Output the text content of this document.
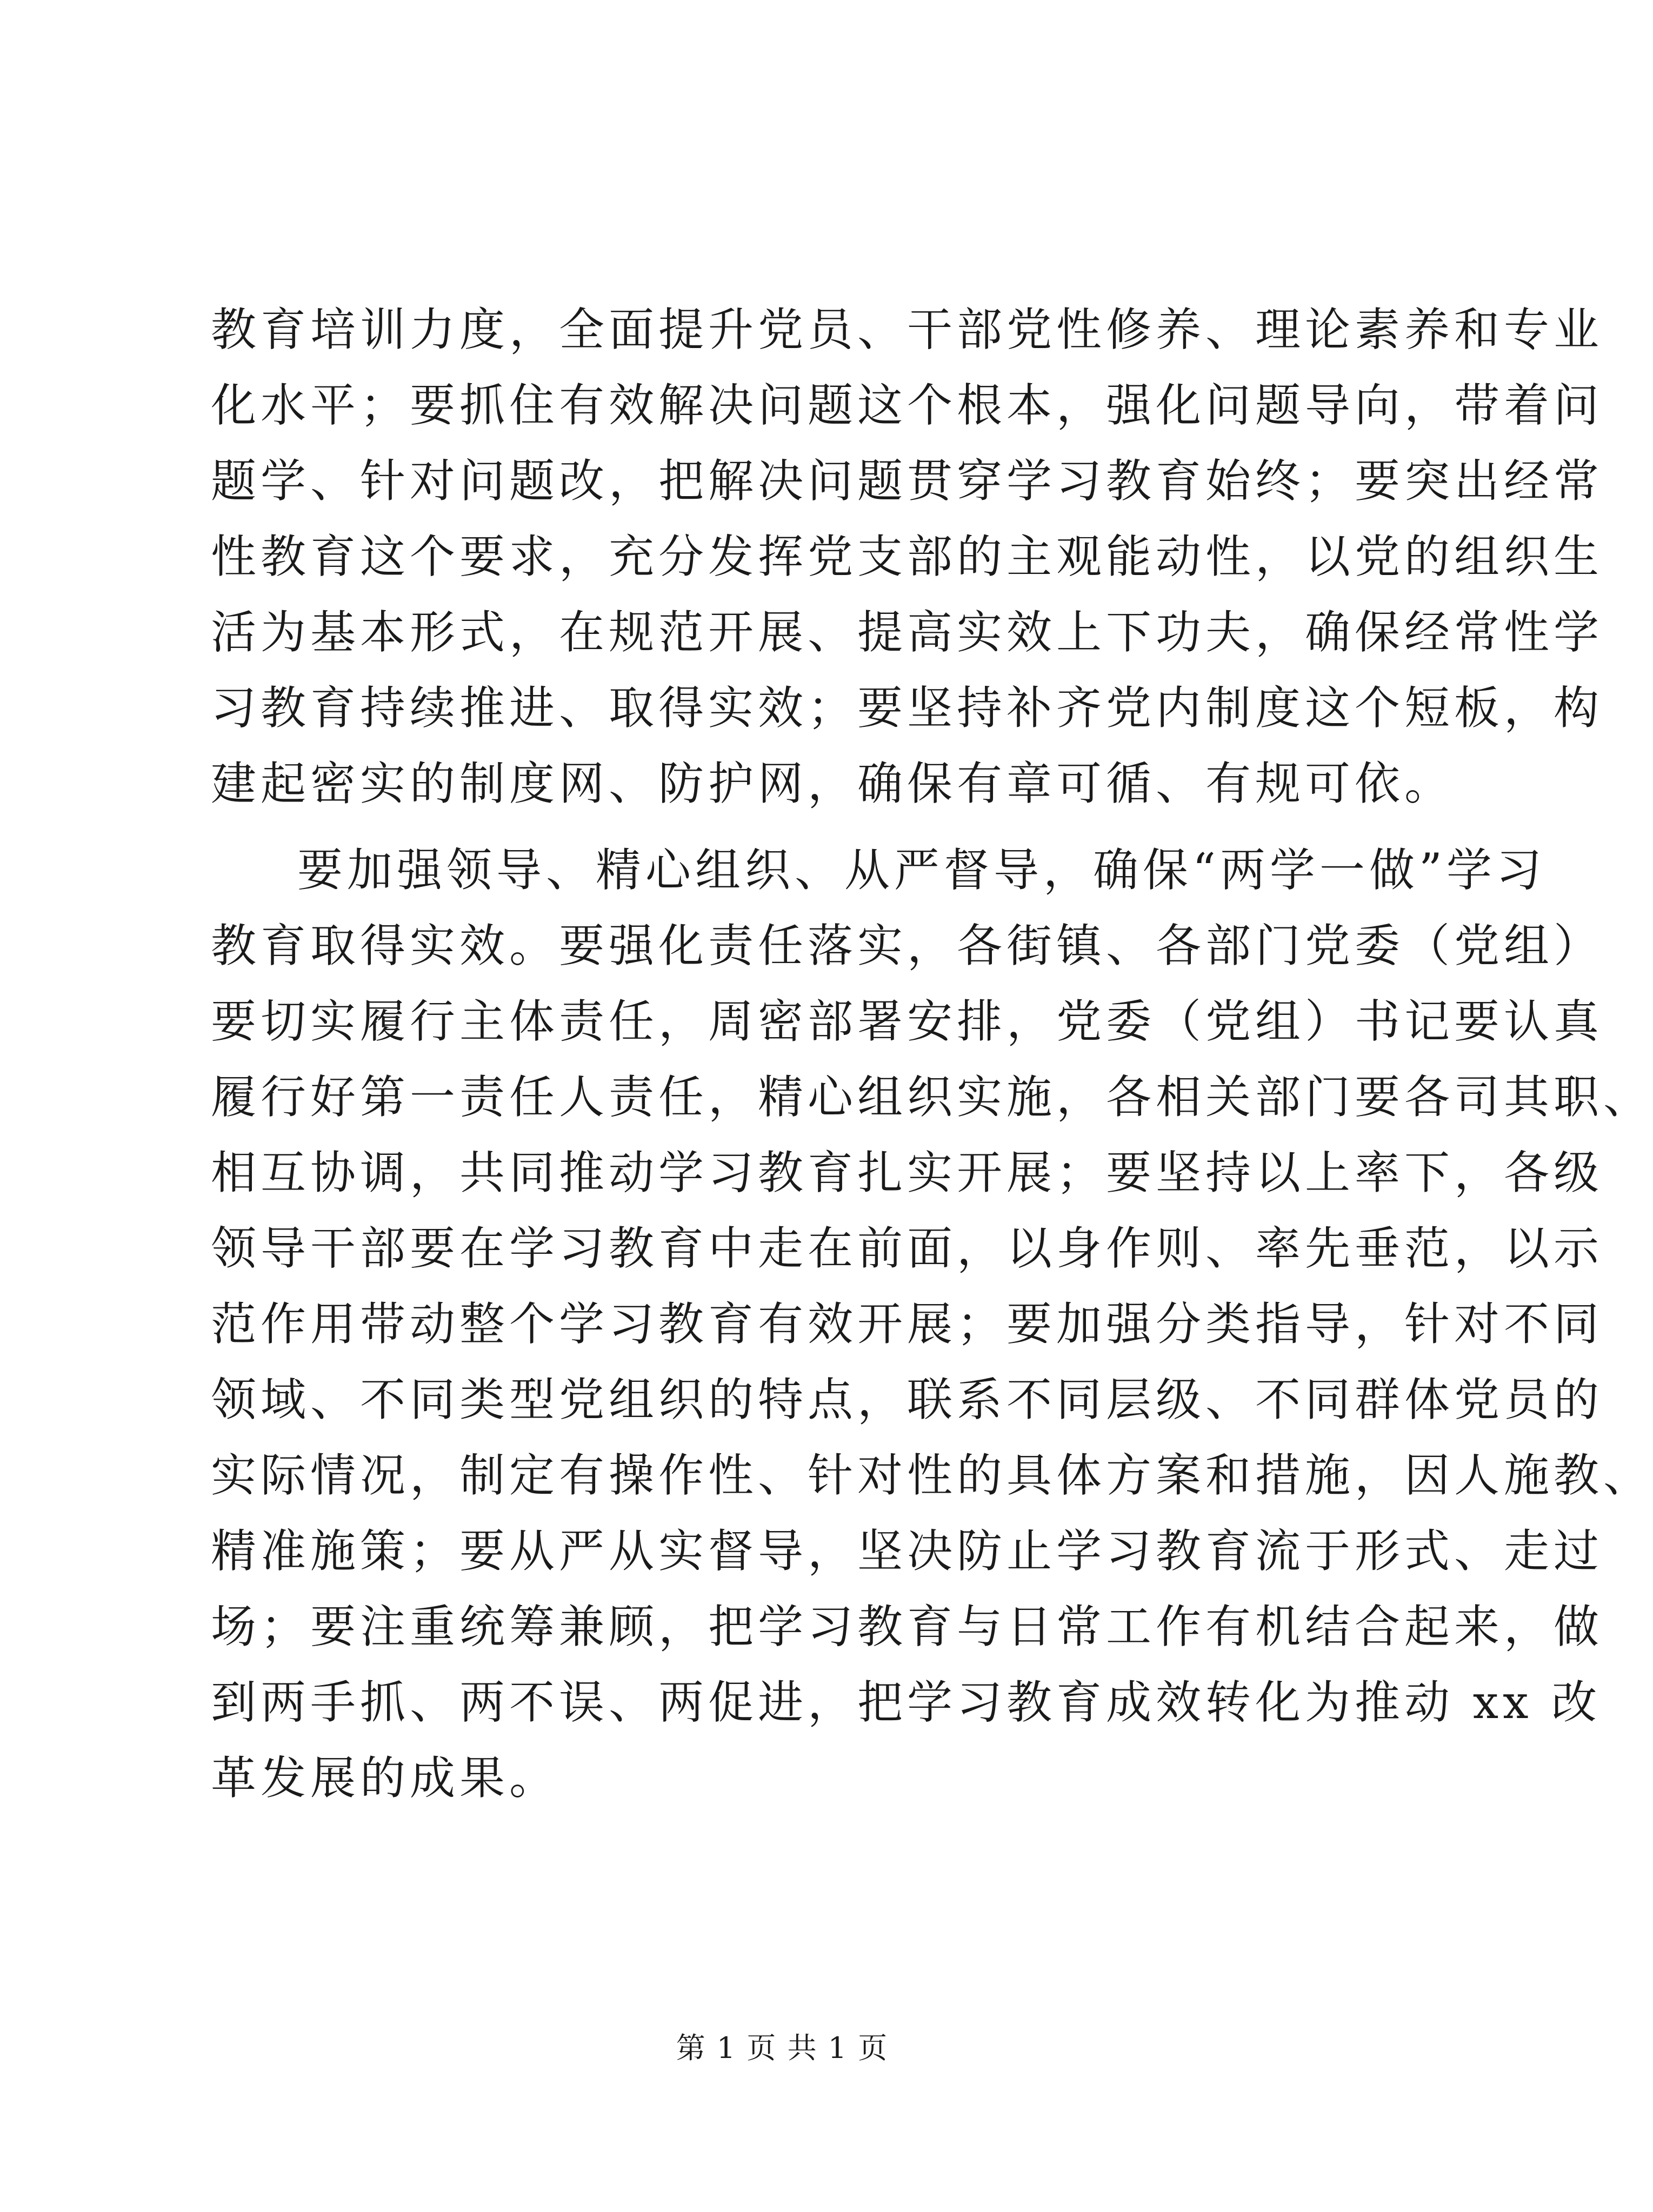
教育培训力度，全面提升党员、干部党性修养、理论素养和专业
化水平；要抓住有效解决问题这个根本，强化问题导向，带着问
题学、针对问题改，把解决问题贯穿学习教育始终；要突出经常
性教育这个要求，充分发挥党支部的主观能动性，以党的组织生
活为基本形式，在规范开展、提高实效上下功夫，确保经常性学
习教育持续推进、取得实效；要坚持补齐党内制度这个短板，构
建起密实的制度网、防护网，确保有章可循、有规可依。
要加强领导、精心组织、从严督导，确保“两学一做”学习
教育取得实效。要强化责任落实，各街镇、各部门党委（党组）
要切实履行主体责任，周密部署安排，党委（党组）书记要认真
履行好第一责任人责任，精心组织实施，各相关部门要各司其职、
相互协调，共同推动学习教育扎实开展；要坚持以上率下，各级
领导干部要在学习教育中走在前面，以身作则、率先垂范，以示
范作用带动整个学习教育有效开展；要加强分类指导，针对不同
领域、不同类型党组织的特点，联系不同层级、不同群体党员的
实际情况，制定有操作性、针对性的具体方案和措施，因人施教、
精准施策；要从严从实督导，坚决防止学习教育流于形式、走过
场；要注重统筹兼顾，把学习教育与日常工作有机结合起来，做
到两手抓、两不误、两促进，把学习教育成效转化为推动 xx 改
革发展的成果。
第 1 页 共 1 页
